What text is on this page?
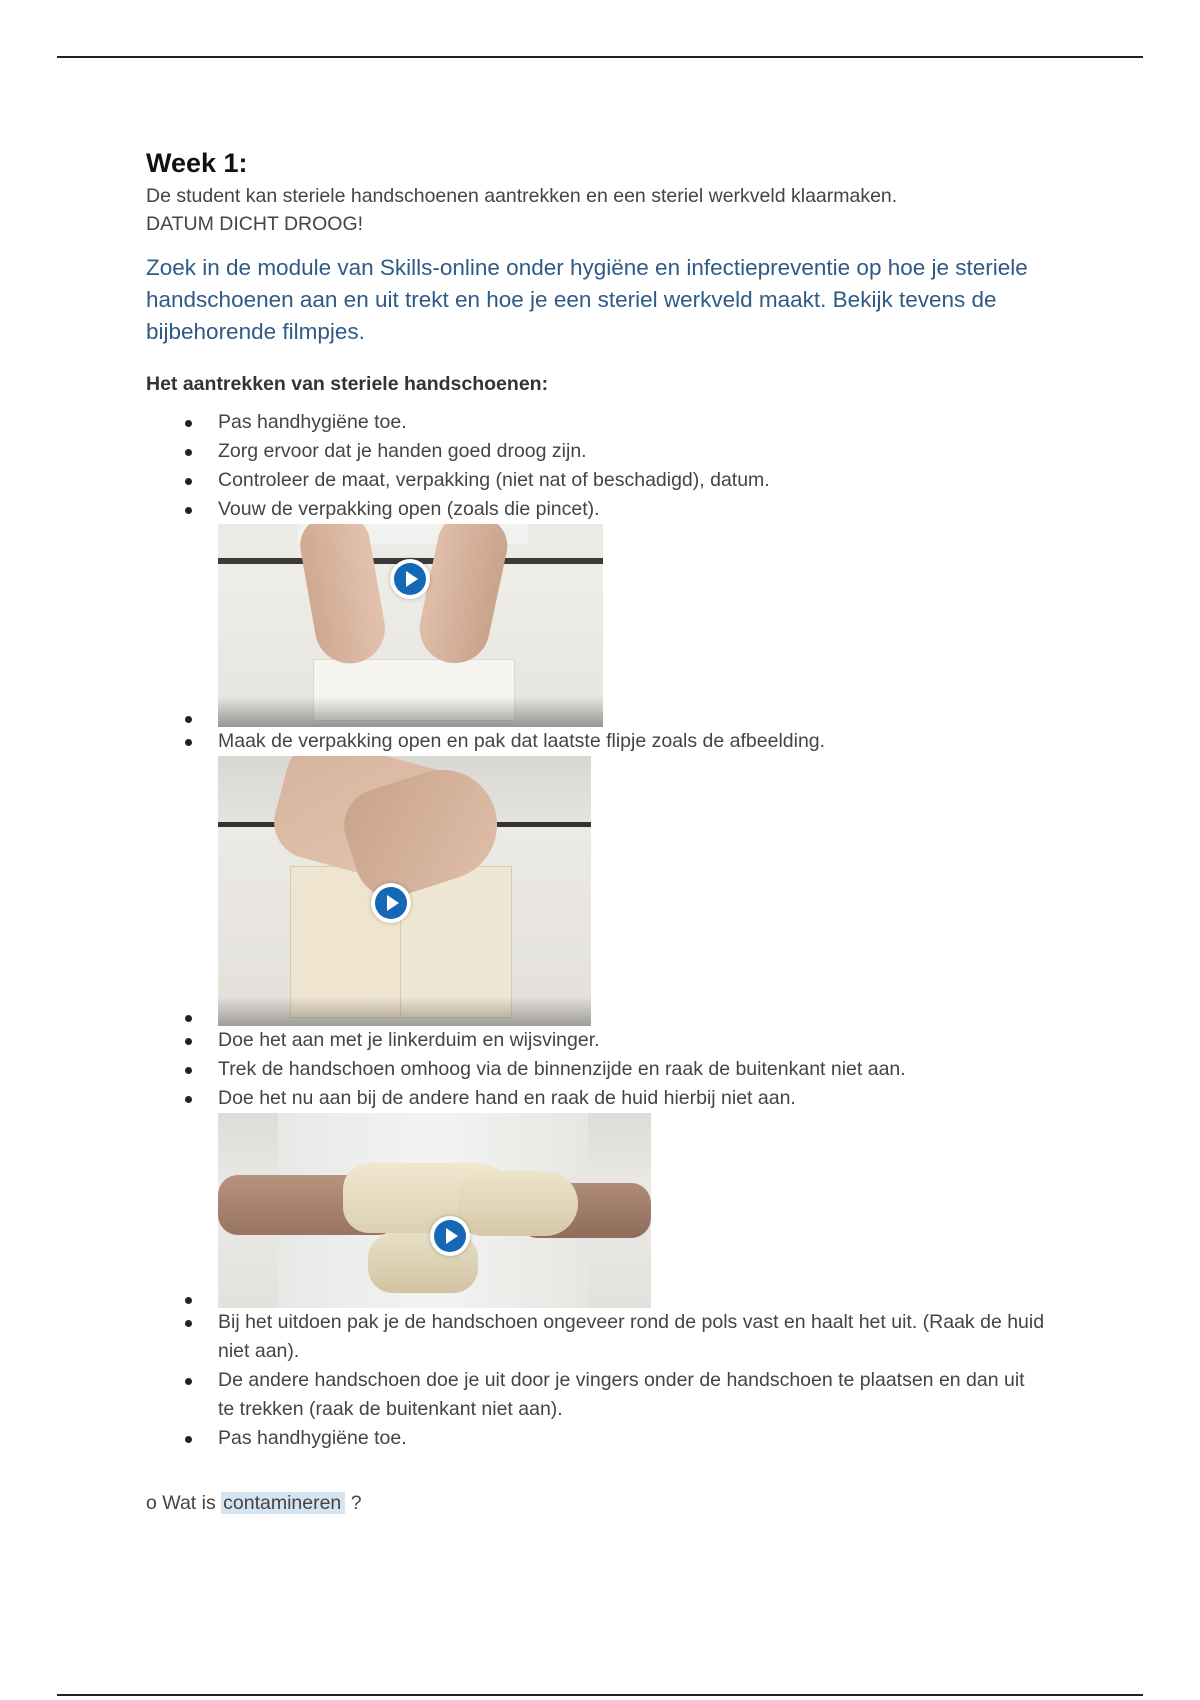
Week 1:

De student kan steriele handschoenen aantrekken en een steriel werkveld klaarmaken.

DATUM DICHT DROOG!

Zoek in de module van Skills-online onder hygiëne en infectiepreventie op hoe je steriele handschoenen aan en uit trekt en hoe je een steriel werkveld maakt. Bekijk tevens de bijbehorende filmpjes.

Het aantrekken van steriele handschoenen:

Pas handhygiëne toe.
Zorg ervoor dat je handen goed droog zijn.
Controleer de maat, verpakking (niet nat of beschadigd), datum.
Vouw de verpakking open (zoals die pincet).
Maak de verpakking open en pak dat laatste flipje zoals de afbeelding.
Doe het aan met je linkerduim en wijsvinger.
Trek de handschoen omhoog via de binnenzijde en raak de buitenkant niet aan.
Doe het nu aan bij de andere hand en raak de huid hierbij niet aan.
Bij het uitdoen pak je de handschoen ongeveer rond de pols vast en haalt het uit. (Raak de huid niet aan).
De andere handschoen doe je uit door je vingers onder de handschoen te plaatsen en dan uit te trekken (raak de buitenkant niet aan).
Pas handhygiëne toe.

o Wat is contamineren ?
